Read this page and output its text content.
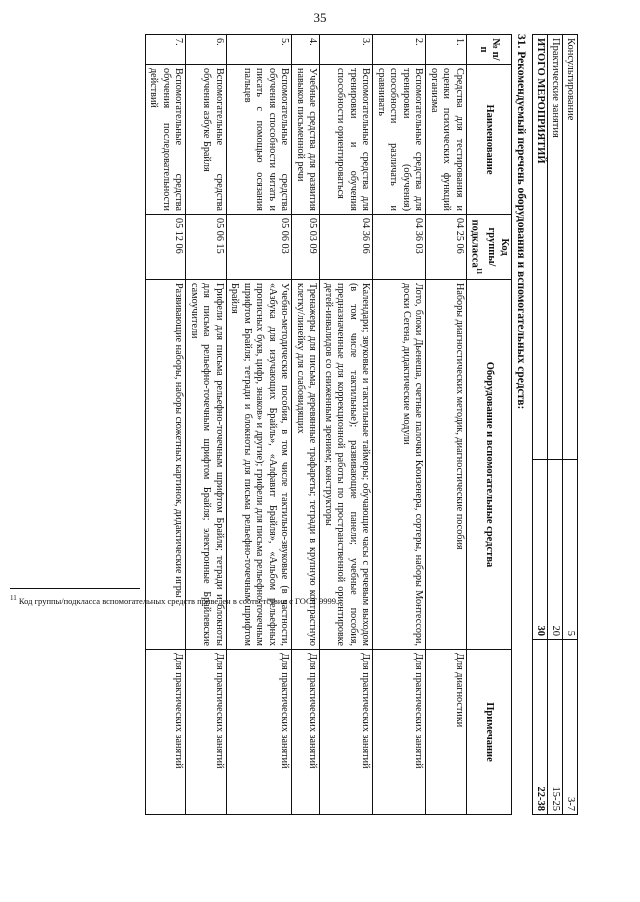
35
Консультирование	5	3-7
Практические занятия	20	15-25
ИТОГО МЕРОПРИЯТИЙ	30	22-38
31. Рекомендуемый перечень оборудования и вспомогательных средств:
№ п/п	Наименование	Код группы/ подкласса$^{11}$	Оборудование и вспомогательные средства	Примечание
1.	Средства для тестирования и оценки психических функций организма	04 25 06	Наборы диагностических методик, диагностические пособия	Для диагностики
2.	Вспомогательные средства для тренировки (обучения) способности различать и сравнивать	04 36 03	Лото, блоки Дьенеша, счетные палочки Кюизенера, сортеры, наборы Монтессори, доски Сегена, дидактические модули	Для практических занятий
3.	Вспомогательные средства для тренировки и обучения способности ориентироваться	04 36 06	Календари; звуковые и тактильные таймеры; обучающие часы с речевым выходом (в том числе тактильные); развивающие панели; учебные пособия, предназначенные для коррекционной работы по пространственной ориентировке детей-инвалидов со сниженным зрением; конструкторы	Для практических занятий
4.	Учебные средства для развития навыков письменной речи	05 03 09	Тренажеры для письма, деревянные трафареты; тетради в крупную контрастную клетку/линейку для слабовидящих	Для практических занятий
5.	Вспомогательные средства обучения способности читать и писать с помощью осязания пальцев	05 06 03	Учебно-методические пособия, в том числе тактильно-звуковые (в частности, «Азбука для изучающих Брайль», «Алфавит Брайля», «Альбом рельефных прописных букв, цифр, знаков» и другие); грифели для письма рельефно-точечным шрифтом Брайля; тетради и блокноты для письма рельефно-точечным шрифтом Брайля	Для практических занятий
6.	Вспомогательные средства обучения азбуке Брайля	05 06 15	Грифели для письма рельефно-точечным шрифтом Брайля; тетради и блокноты для письма рельефно-точечным шрифтом Брайля; электронные Брайлевские самоучители	Для практических занятий
7.	Вспомогательные средства обучения последовательности действий	05 12 06	Развивающие наборы, наборы сюжетных картинок, дидактические игры	Для практических занятий
$^{11}$ Код группы/подкласса вспомогательных средств приведен в соответствии с ГОСТ 9999.
